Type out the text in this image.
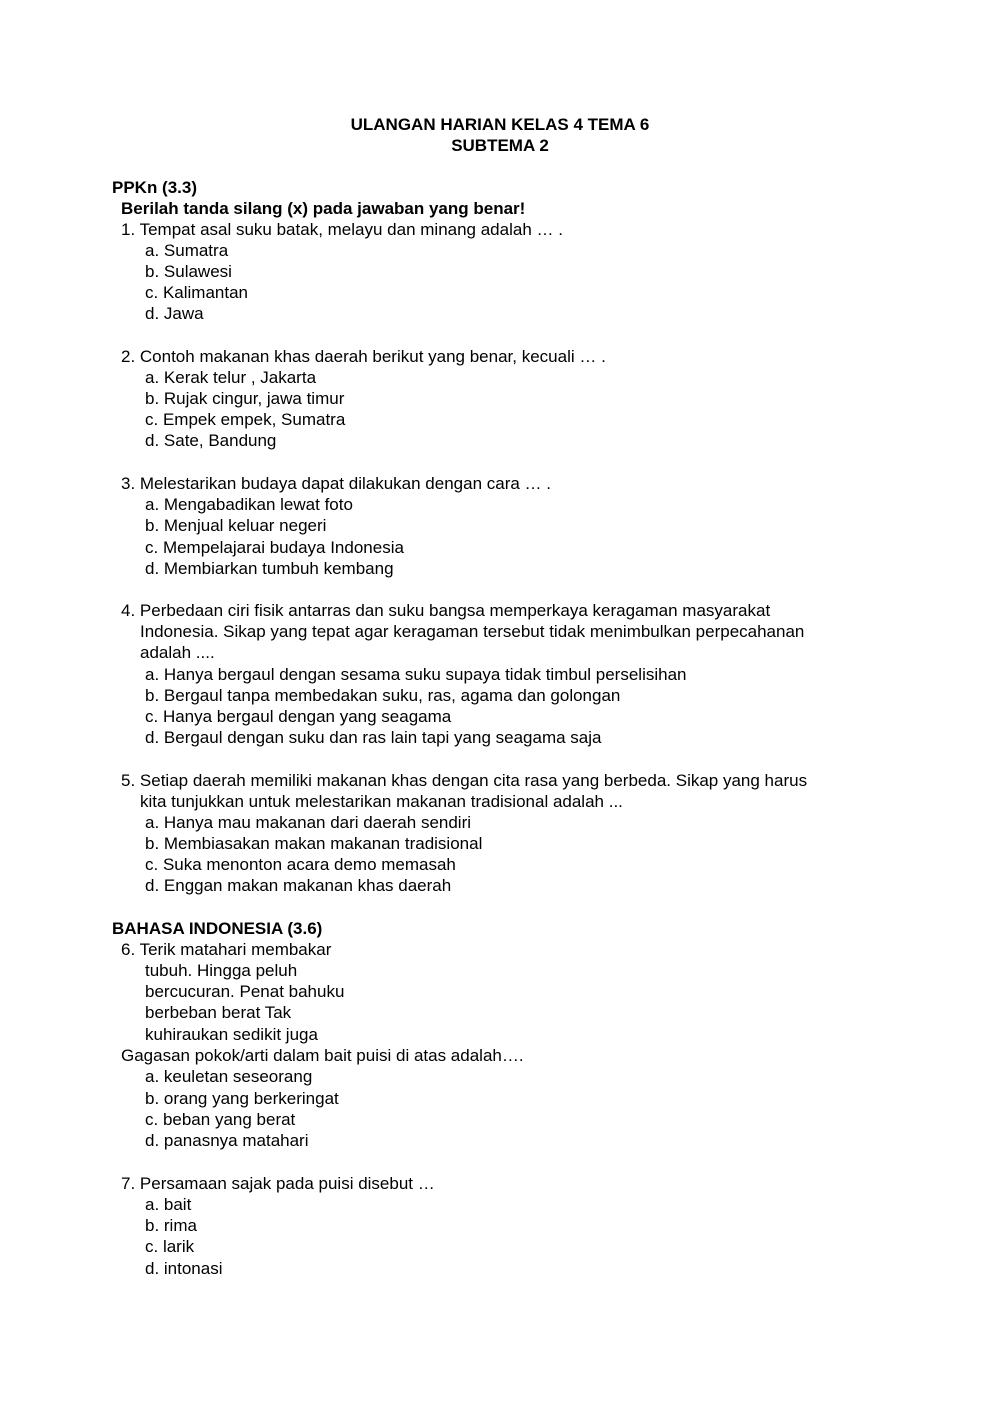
ULANGAN HARIAN KELAS 4 TEMA 6
SUBTEMA 2
PPKn (3.3)
Berilah tanda silang (x) pada jawaban yang benar!
1. Tempat asal suku batak, melayu dan minang adalah … .
a. Sumatra
b. Sulawesi
c. Kalimantan
d. Jawa
2. Contoh makanan khas daerah berikut yang benar, kecuali … .
a. Kerak telur , Jakarta
b. Rujak cingur, jawa timur
c. Empek empek, Sumatra
d. Sate, Bandung
3. Melestarikan budaya dapat dilakukan dengan cara … .
a. Mengabadikan lewat foto
b. Menjual keluar negeri
c. Mempelajarai budaya Indonesia
d. Membiarkan tumbuh kembang
4. Perbedaan ciri fisik antarras dan suku bangsa memperkaya keragaman masyarakat
Indonesia. Sikap yang tepat agar keragaman tersebut tidak menimbulkan perpecahanan
adalah ....
a. Hanya bergaul dengan sesama suku supaya tidak timbul perselisihan
b. Bergaul tanpa membedakan suku, ras, agama dan golongan
c. Hanya bergaul dengan yang seagama
d. Bergaul dengan suku dan ras lain tapi yang seagama saja
5. Setiap daerah memiliki makanan khas dengan cita rasa yang berbeda. Sikap yang harus
kita tunjukkan untuk melestarikan makanan tradisional adalah ...
a. Hanya mau makanan dari daerah sendiri
b. Membiasakan makan makanan tradisional
c. Suka menonton acara demo memasah
d. Enggan makan makanan khas daerah
BAHASA INDONESIA (3.6)
6. Terik matahari membakar
tubuh. Hingga peluh
bercucuran. Penat bahuku
berbeban berat Tak
kuhiraukan sedikit juga
Gagasan pokok/arti dalam bait puisi di atas adalah….
a. keuletan seseorang
b. orang yang berkeringat
c. beban yang berat
d. panasnya matahari
7. Persamaan sajak pada puisi disebut …
a. bait
b. rima
c. larik
d. intonasi
